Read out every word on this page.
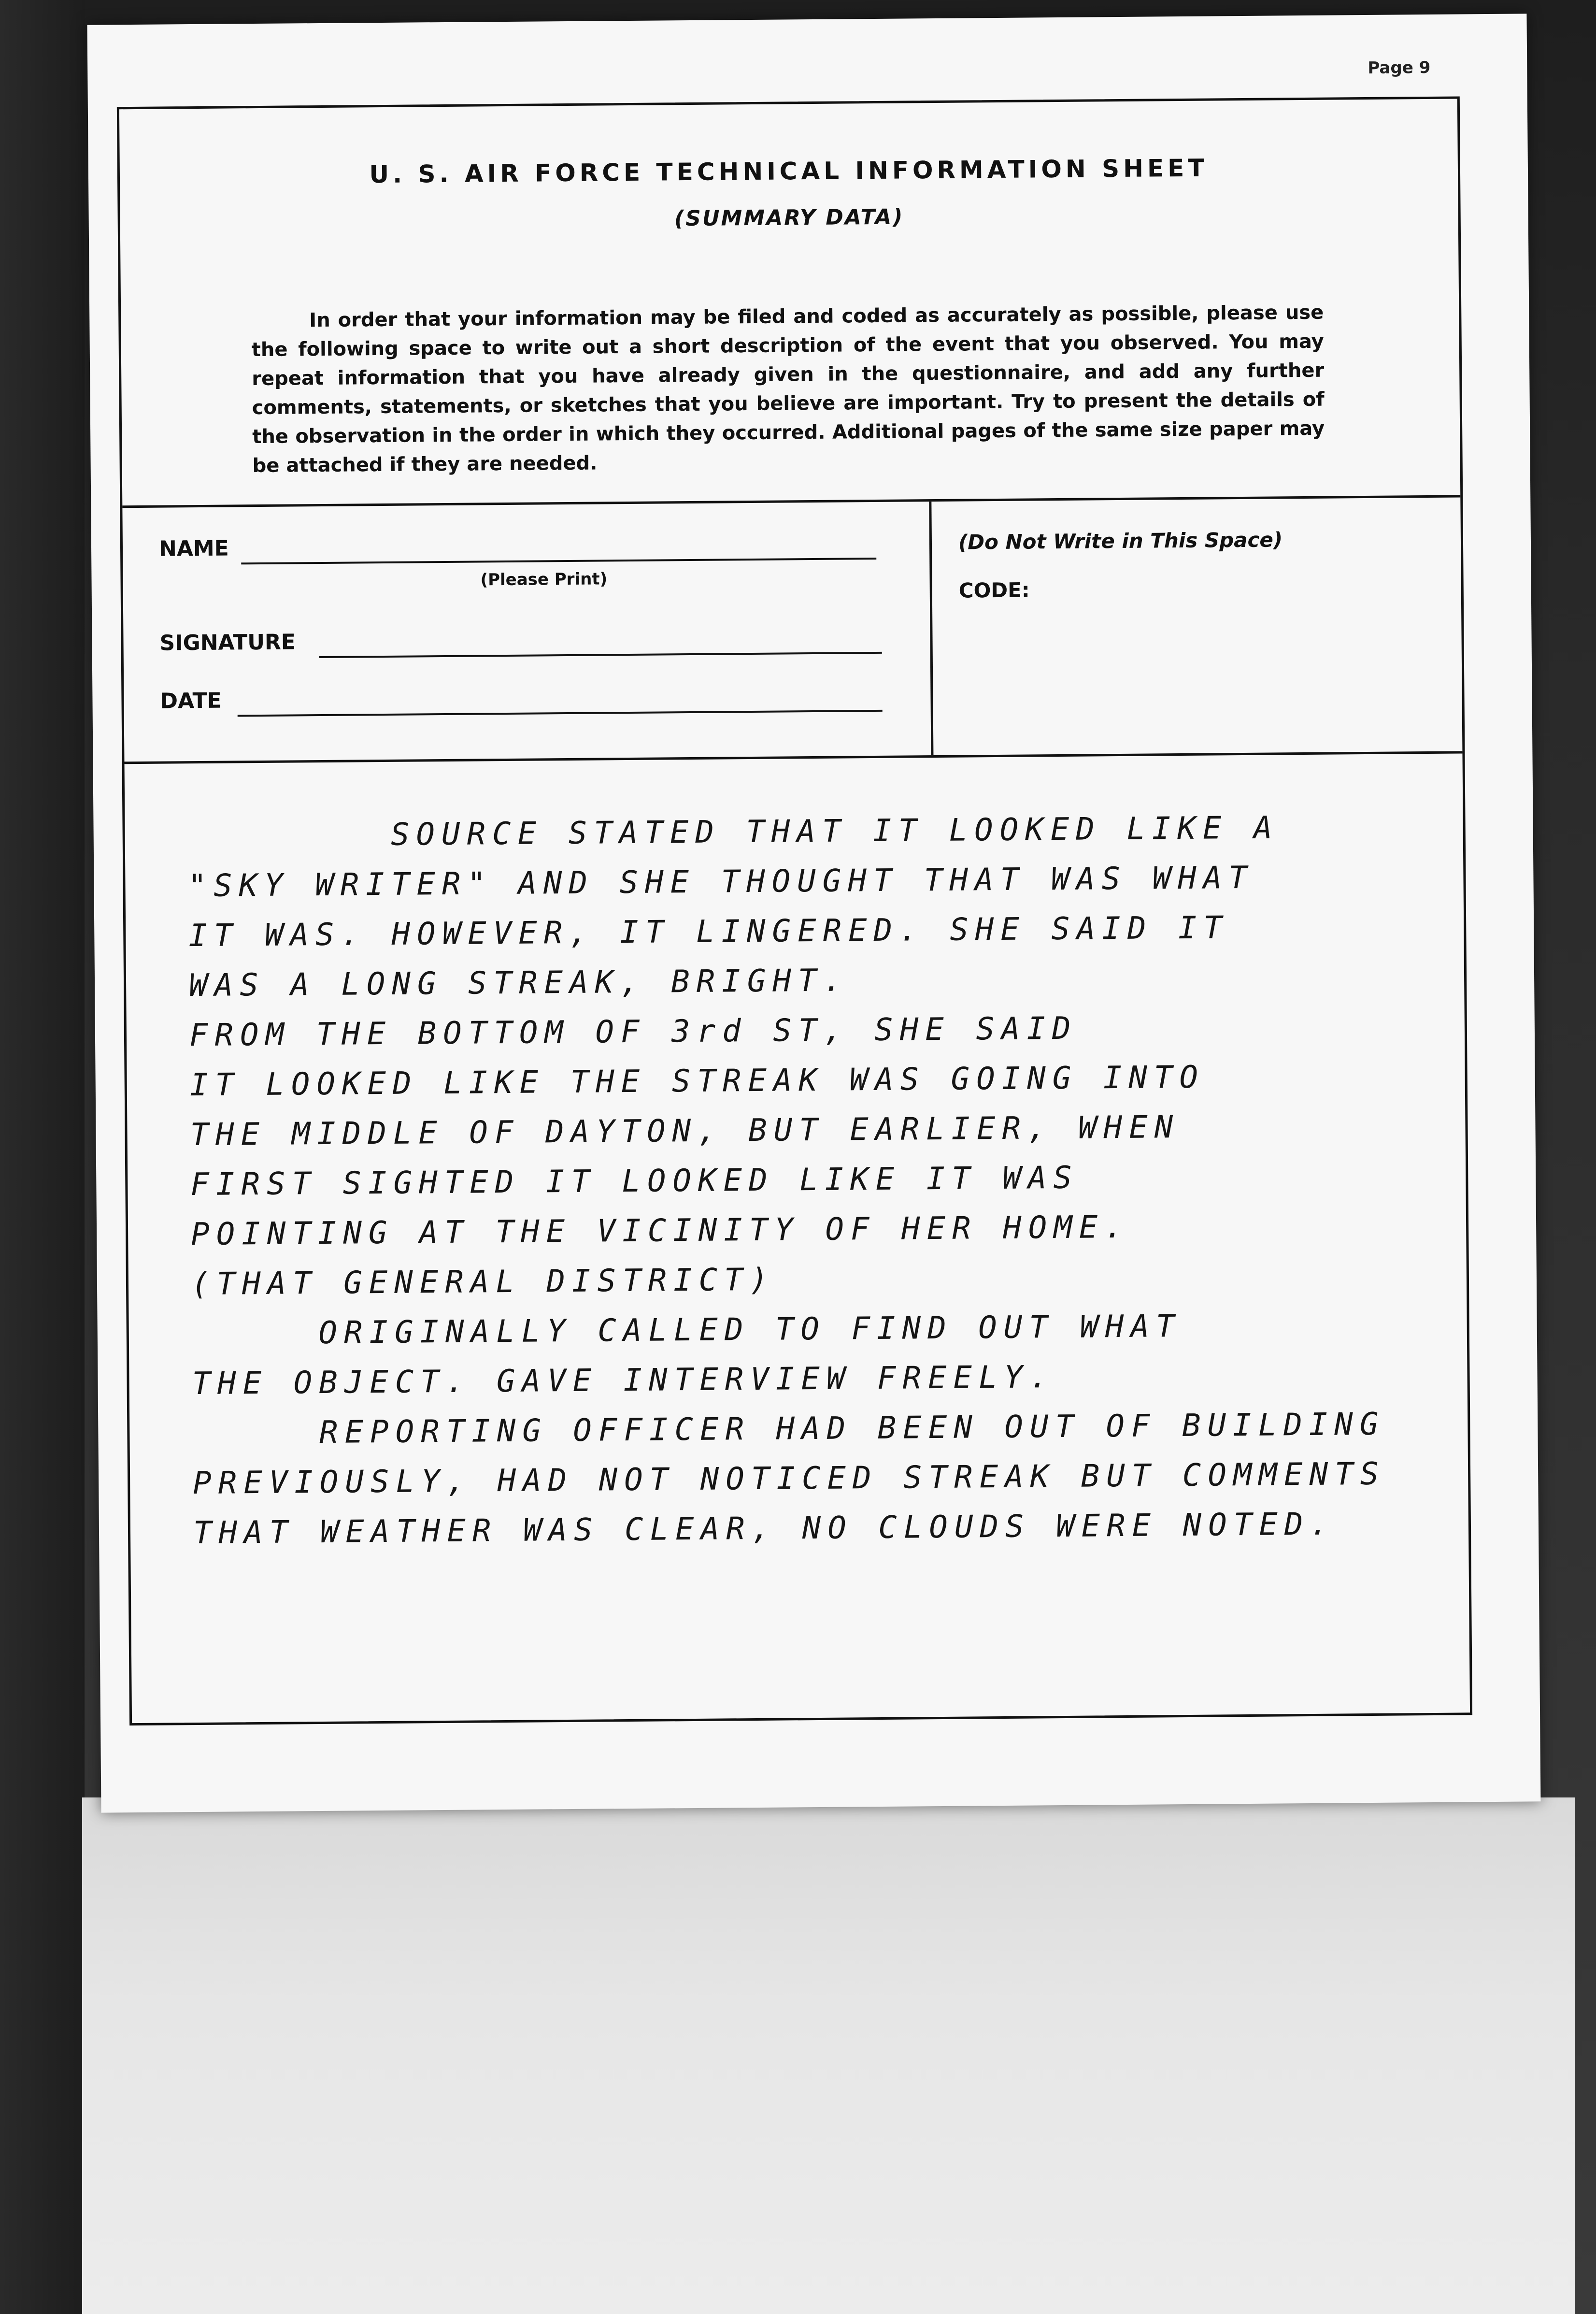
Page 9
U. S. AIR FORCE TECHNICAL INFORMATION SHEET
(SUMMARY DATA)
In order that your information may be filed and coded as accurately as possible, please use the following space to write out a short description of the event that you observed. You may repeat information that you have already given in the questionnaire, and add any further comments, statements, or sketches that you believe are important. Try to present the details of the observation in the order in which they occurred. Additional pages of the same size paper may be attached if they are needed.
NAME
(Please Print)
SIGNATURE
DATE
(Do Not Write in This Space)
CODE:

SOURCE STATED THAT IT LOOKED LIKE A

"SKY WRITER" AND SHE THOUGHT THAT WAS WHAT

IT WAS. HOWEVER, IT LINGERED. SHE SAID IT

WAS A LONG STREAK, BRIGHT.

FROM THE BOTTOM OF 3rd ST, SHE SAID

IT LOOKED LIKE THE STREAK WAS GOING INTO

THE MIDDLE OF DAYTON, BUT EARLIER, WHEN

FIRST SIGHTED IT LOOKED LIKE IT WAS

POINTING AT THE VICINITY OF HER HOME.

(THAT GENERAL DISTRICT)

ORIGINALLY CALLED TO FIND OUT WHAT

THE OBJECT. GAVE INTERVIEW FREELY.

REPORTING OFFICER HAD BEEN OUT OF BUILDING

PREVIOUSLY, HAD NOT NOTICED STREAK BUT COMMENTS

THAT WEATHER WAS CLEAR, NO CLOUDS WERE NOTED.
